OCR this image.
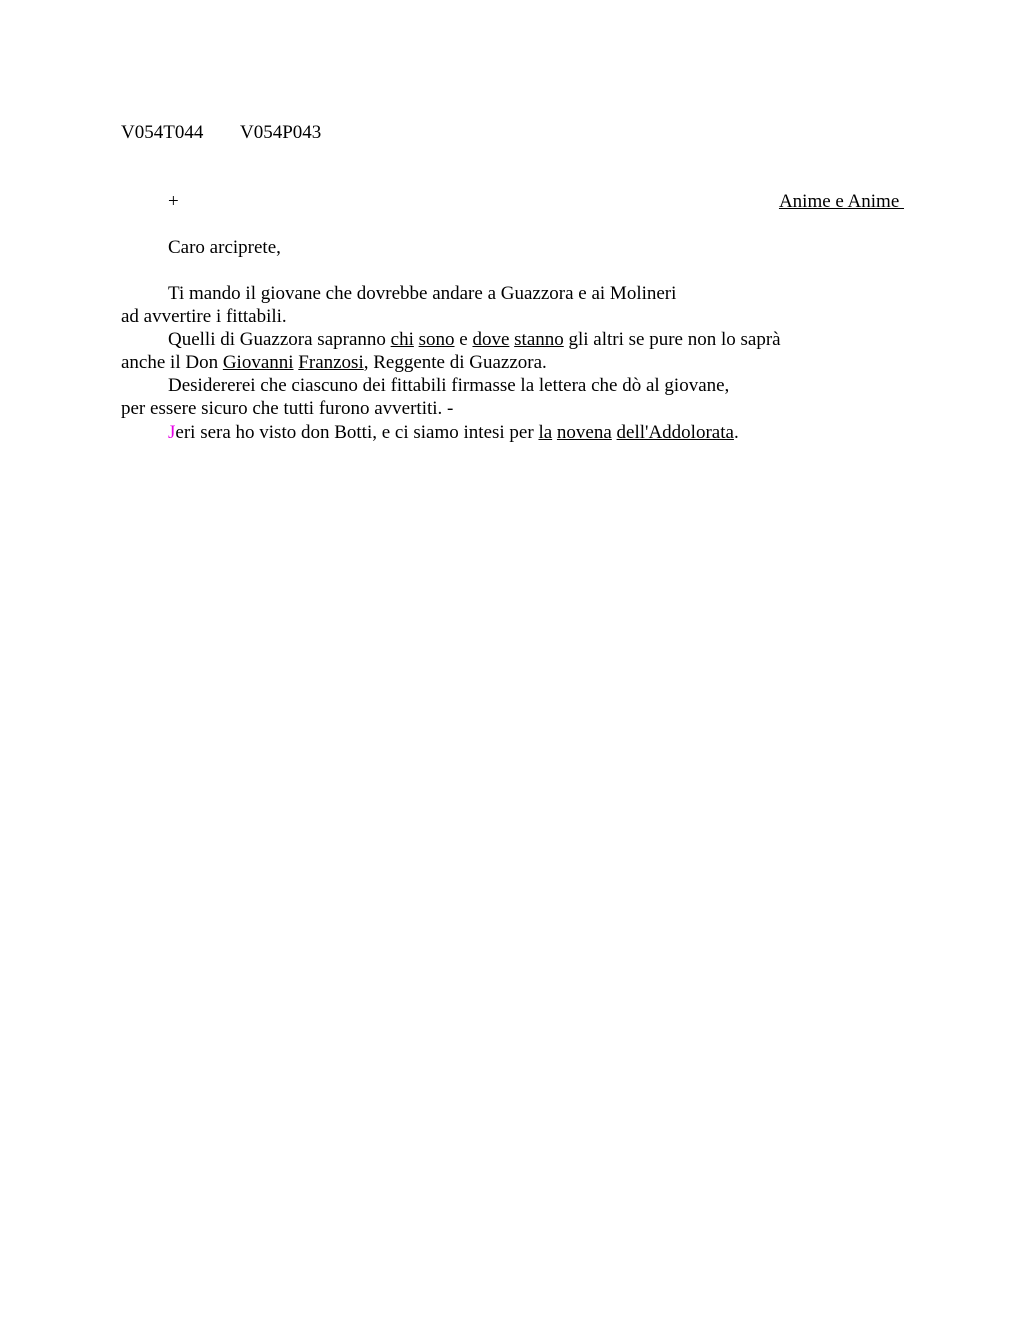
V054T044 V054P043
+	Anime e Anime
Caro arciprete,
Ti mando il giovane che dovrebbe andare a Guazzora e ai Molineri
ad avvertire i fittabili.
Quelli di Guazzora sapranno chi sono e dove stanno gli altri se pure non lo saprà
anche il Don Giovanni Franzosi, Reggente di Guazzora.
Desidererei che ciascuno dei fittabili firmasse la lettera che dò al giovane,
per essere sicuro che tutti furono avvertiti. -
Jeri sera ho visto don Botti, e ci siamo intesi per la novena dell'Addolorata.
